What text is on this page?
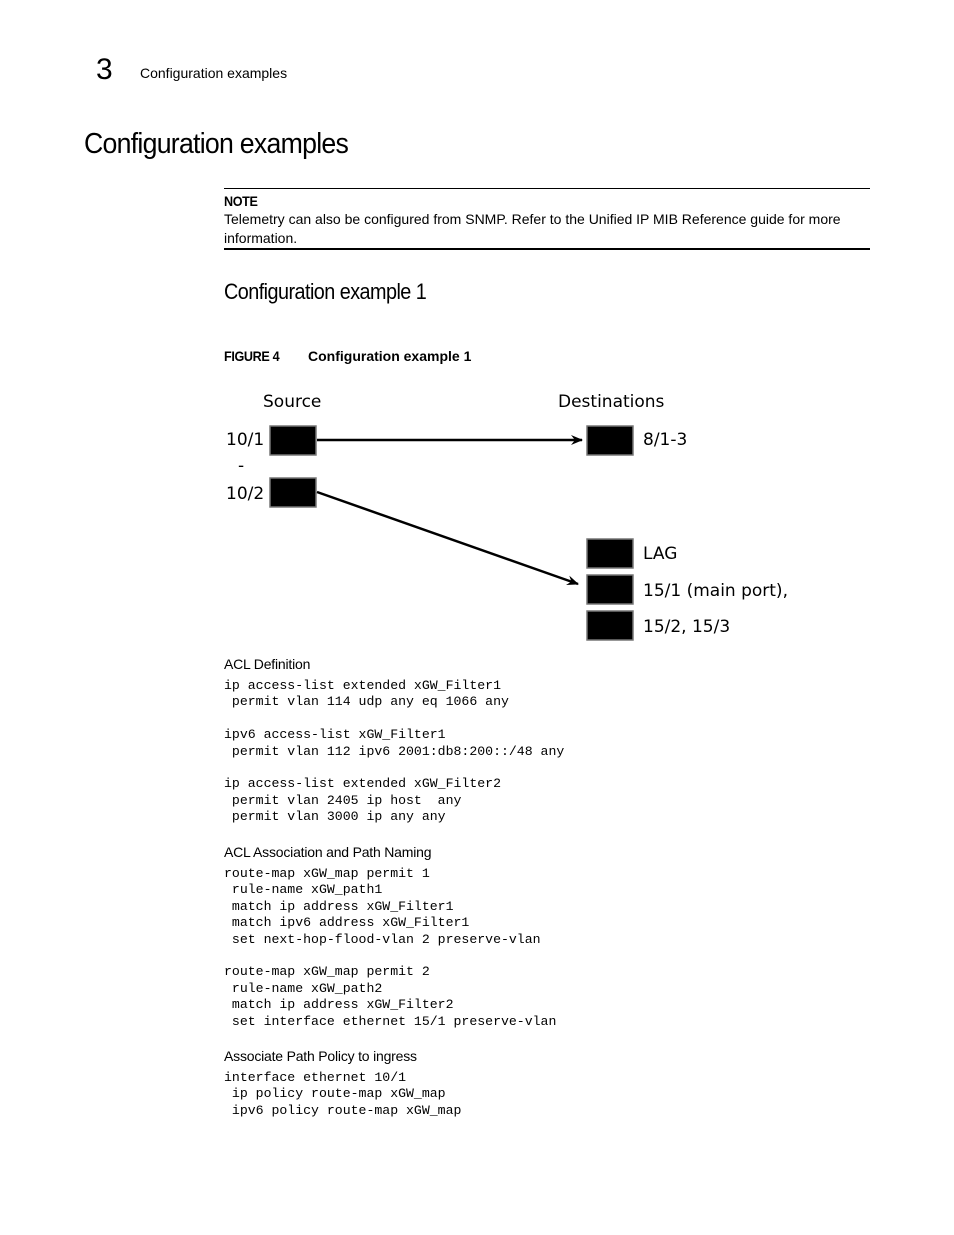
3 Configuration examples
Configuration examples
NOTE
Telemetry can also be configured from SNMP. Refer to the Unified IP MIB Reference guide for more information.
Configuration example 1
FIGURE 4 Configuration example 1
Source	Destinations
10/1
-
10/2
8/1-3
LAG
15/1 (main port),
15/2, 15/3
ACL Definition
ip access-list extended xGW_Filter1
permit vlan 114 udp any eq 1066 any

ipv6 access-list xGW_Filter1
permit vlan 112 ipv6 2001:db8:200::/48 any

ip access-list extended xGW_Filter2
permit vlan 2405 ip host  any
permit vlan 3000 ip any any
ACL Association and Path Naming
route-map xGW_map permit 1
rule-name xGW_path1
match ip address xGW_Filter1
match ipv6 address xGW_Filter1
set next-hop-flood-vlan 2 preserve-vlan

route-map xGW_map permit 2
rule-name xGW_path2
match ip address xGW_Filter2
set interface ethernet 15/1 preserve-vlan
Associate Path Policy to ingress
interface ethernet 10/1
ip policy route-map xGW_map
ipv6 policy route-map xGW_map
